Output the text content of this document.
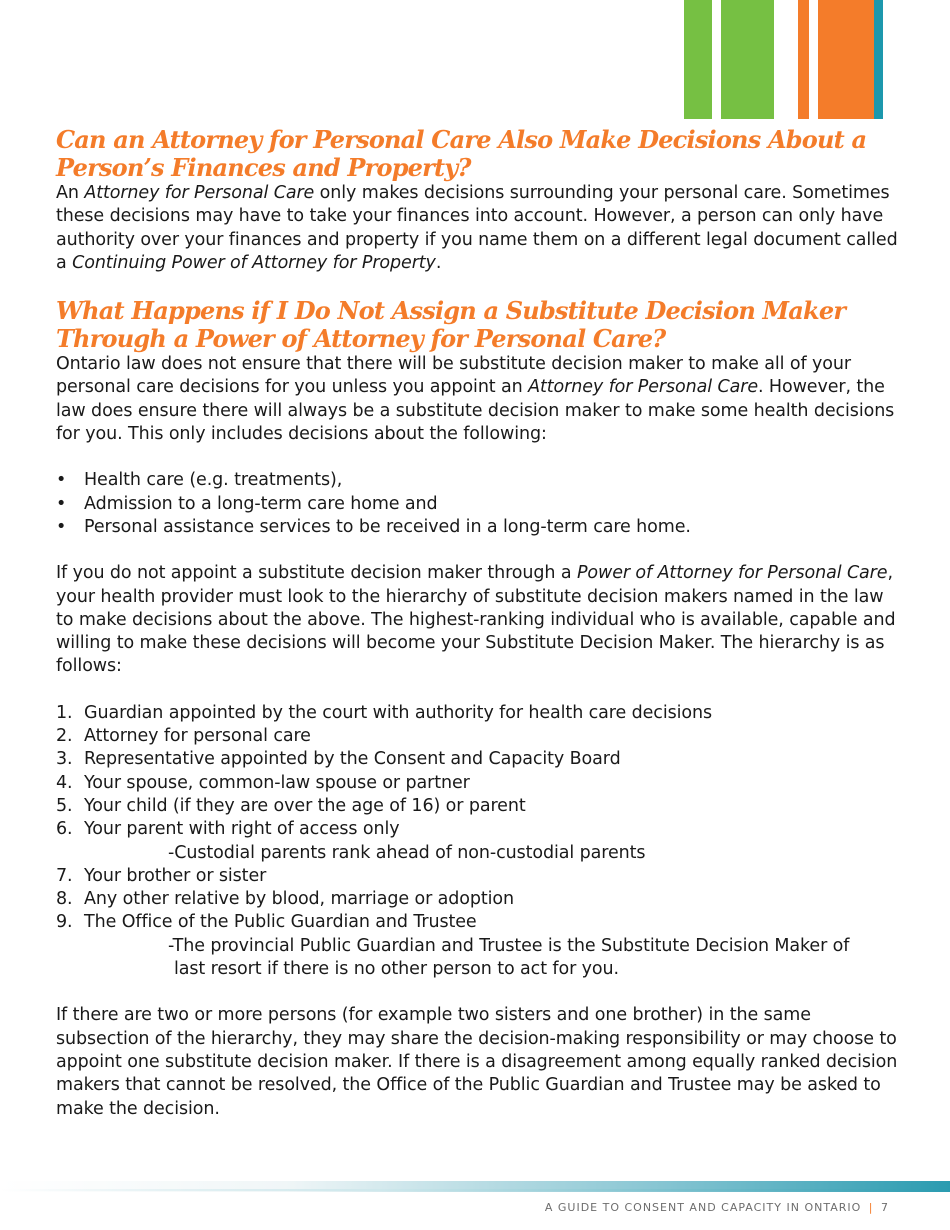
Can an Attorney for Personal Care Also Make Decisions About a Person’s Finances and Property?

An Attorney for Personal Care only makes decisions surrounding your personal care. Sometimes these decisions may have to take your finances into account. However, a person can only have authority over your finances and property if you name them on a different legal document called a Continuing Power of Attorney for Property.

What Happens if I Do Not Assign a Substitute Decision Maker Through a Power of Attorney for Personal Care?

Ontario law does not ensure that there will be substitute decision maker to make all of your personal care decisions for you unless you appoint an Attorney for Personal Care. However, the law does ensure there will always be a substitute decision maker to make some health decisions for you. This only includes decisions about the following:

• Health care (e.g. treatments),
• Admission to a long-term care home and
• Personal assistance services to be received in a long-term care home.

If you do not appoint a substitute decision maker through a Power of Attorney for Personal Care, your health provider must look to the hierarchy of substitute decision makers named in the law to make decisions about the above. The highest-ranking individual who is available, capable and willing to make these decisions will become your Substitute Decision Maker. The hierarchy is as follows:

1. Guardian appointed by the court with authority for health care decisions
2. Attorney for personal care
3. Representative appointed by the Consent and Capacity Board
4. Your spouse, common-law spouse or partner
5. Your child (if they are over the age of 16) or parent
6. Your parent with right of access only
-Custodial parents rank ahead of non-custodial parents
7. Your brother or sister
8. Any other relative by blood, marriage or adoption
9. The Office of the Public Guardian and Trustee
-The provincial Public Guardian and Trustee is the Substitute Decision Maker of
last resort if there is no other person to act for you.

If there are two or more persons (for example two sisters and one brother) in the same subsection of the hierarchy, they may share the decision-making responsibility or may choose to appoint one substitute decision maker. If there is a disagreement among equally ranked decision makers that cannot be resolved, the Office of the Public Guardian and Trustee may be asked to make the decision.

A GUIDE TO CONSENT AND CAPACITY IN ONTARIO | 7
